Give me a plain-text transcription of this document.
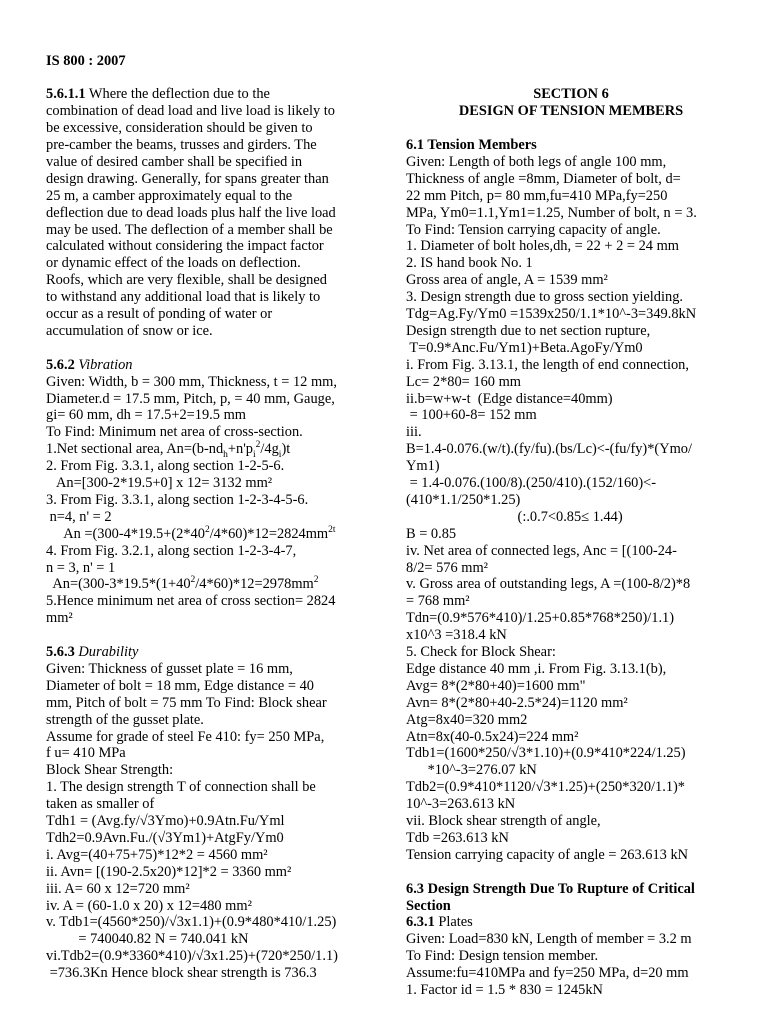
IS 800 : 2007
5.6.1.1 Where the deflection due to the
combination of dead load and live load is likely to
be excessive, consideration should be given to
pre-camber the beams, trusses and girders. The
value of desired camber shall be specified in
design drawing. Generally, for spans greater than
25 m, a camber approximately equal to the
deflection due to dead loads plus half the live load
may be used. The deflection of a member shall be
calculated without considering the impact factor
or dynamic effect of the loads on deflection.
Roofs, which are very flexible, shall be designed
to withstand any additional load that is likely to
occur as a result of ponding of water or
accumulation of snow or ice.
5.6.2 Vibration
Given: Width, b = 300 mm, Thickness, t = 12 mm,
Diameter.d = 17.5 mm, Pitch, p, = 40 mm, Gauge,
gi= 60 mm, dh = 17.5+2=19.5 mm
To Find: Minimum net area of cross-section.
1.Net sectional area, $An=(b-nd_h+n'p_i^2/4g_i)t$
2. From Fig. 3.3.1, along section 1-2-5-6.
An=[300-2*19.5+0] x 12= 3132 mm²
3. From Fig. 3.3.1, along section 1-2-3-4-5-6.
n=4, n' = 2
$An =(300-4*19.5+(2*40^2/4*60)*12=2824mm^{2t}$
4. From Fig. 3.2.1, along section 1-2-3-4-7,
n = 3, n' = 1
$An=(300-3*19.5*(1+40^2/4*60)*12=2978mm^2$
5.Hence minimum net area of cross section= 2824
mm²
5.6.3 Durability
Given: Thickness of gusset plate = 16 mm,
Diameter of bolt = 18 mm, Edge distance = 40
mm, Pitch of bolt = 75 mm To Find: Block shear
strength of the gusset plate.
Assume for grade of steel Fe 410: fy= 250 MPa,
f u= 410 MPa
Block Shear Strength:
1. The design strength T of connection shall be
taken as smaller of
Tdh1 = (Avg.fy/√3Ymo)+0.9Atn.Fu/Yml
Tdh2=0.9Avn.Fu./(√3Ym1)+AtgFy/Ym0
i. Avg=(40+75+75)*12*2 = 4560 mm²
ii. Avn= [(190-2.5x20)*12]*2 = 3360 mm²
iii. A= 60 x 12=720 mm²
iv. A = (60-1.0 x 20) x 12=480 mm²
v. Tdb1=(4560*250)/√3x1.1)+(0.9*480*410/1.25)
= 740040.82 N = 740.041 kN
vi.Tdb2=(0.9*3360*410)/√3x1.25)+(720*250/1.1)
=736.3Kn Hence block shear strength is 736.3
SECTION 6
DESIGN OF TENSION MEMBERS
6.1 Tension Members
Given: Length of both legs of angle 100 mm,
Thickness of angle =8mm, Diameter of bolt, d=
22 mm Pitch, p= 80 mm,fu=410 MPa,fy=250
MPa, Ym0=1.1,Ym1=1.25, Number of bolt, n = 3.
To Find: Tension carrying capacity of angle.
1. Diameter of bolt holes,dh, = 22 + 2 = 24 mm
2. IS hand book No. 1
Gross area of angle, A = 1539 mm²
3. Design strength due to gross section yielding.
Tdg=Ag.Fy/Ym0 =1539x250/1.1*10^-3=349.8kN
Design strength due to net section rupture,
T=0.9*Anc.Fu/Ym1)+Beta.AgoFy/Ym0
i. From Fig. 3.13.1, the length of end connection,
Lc= 2*80= 160 mm
ii.b=w+w-t  (Edge distance=40mm)
= 100+60-8= 152 mm
iii.
B=1.4-0.076.(w/t).(fy/fu).(bs/Lc)<-(fu/fy)*(Ymo/
Ym1)
= 1.4-0.076.(100/8).(250/410).(152/160)<-
(410*1.1/250*1.25)
(:.0.7<0.85≤ 1.44)
B = 0.85
iv. Net area of connected legs, Anc = [(100-24-
8/2= 576 mm²
v. Gross area of outstanding legs, A =(100-8/2)*8
= 768 mm²
Tdn=(0.9*576*410)/1.25+0.85*768*250)/1.1)
x10^3 =318.4 kN
5. Check for Block Shear:
Edge distance 40 mm ,i. From Fig. 3.13.1(b),
Avg= 8*(2*80+40)=1600 mm"
Avn= 8*(2*80+40-2.5*24)=1120 mm²
Atg=8x40=320 mm2
Atn=8x(40-0.5x24)=224 mm²
Tdb1=(1600*250/√3*1.10)+(0.9*410*224/1.25)
*10^-3=276.07 kN
Tdb2=(0.9*410*1120/√3*1.25)+(250*320/1.1)*
10^-3=263.613 kN
vii. Block shear strength of angle,
Tdb =263.613 kN
Tension carrying capacity of angle = 263.613 kN
6.3 Design Strength Due To Rupture of Critical
Section
6.3.1 Plates
Given: Load=830 kN, Length of member = 3.2 m
To Find: Design tension member.
Assume:fu=410MPa and fy=250 MPa, d=20 mm
1. Factor id = 1.5 * 830 = 1245kN
